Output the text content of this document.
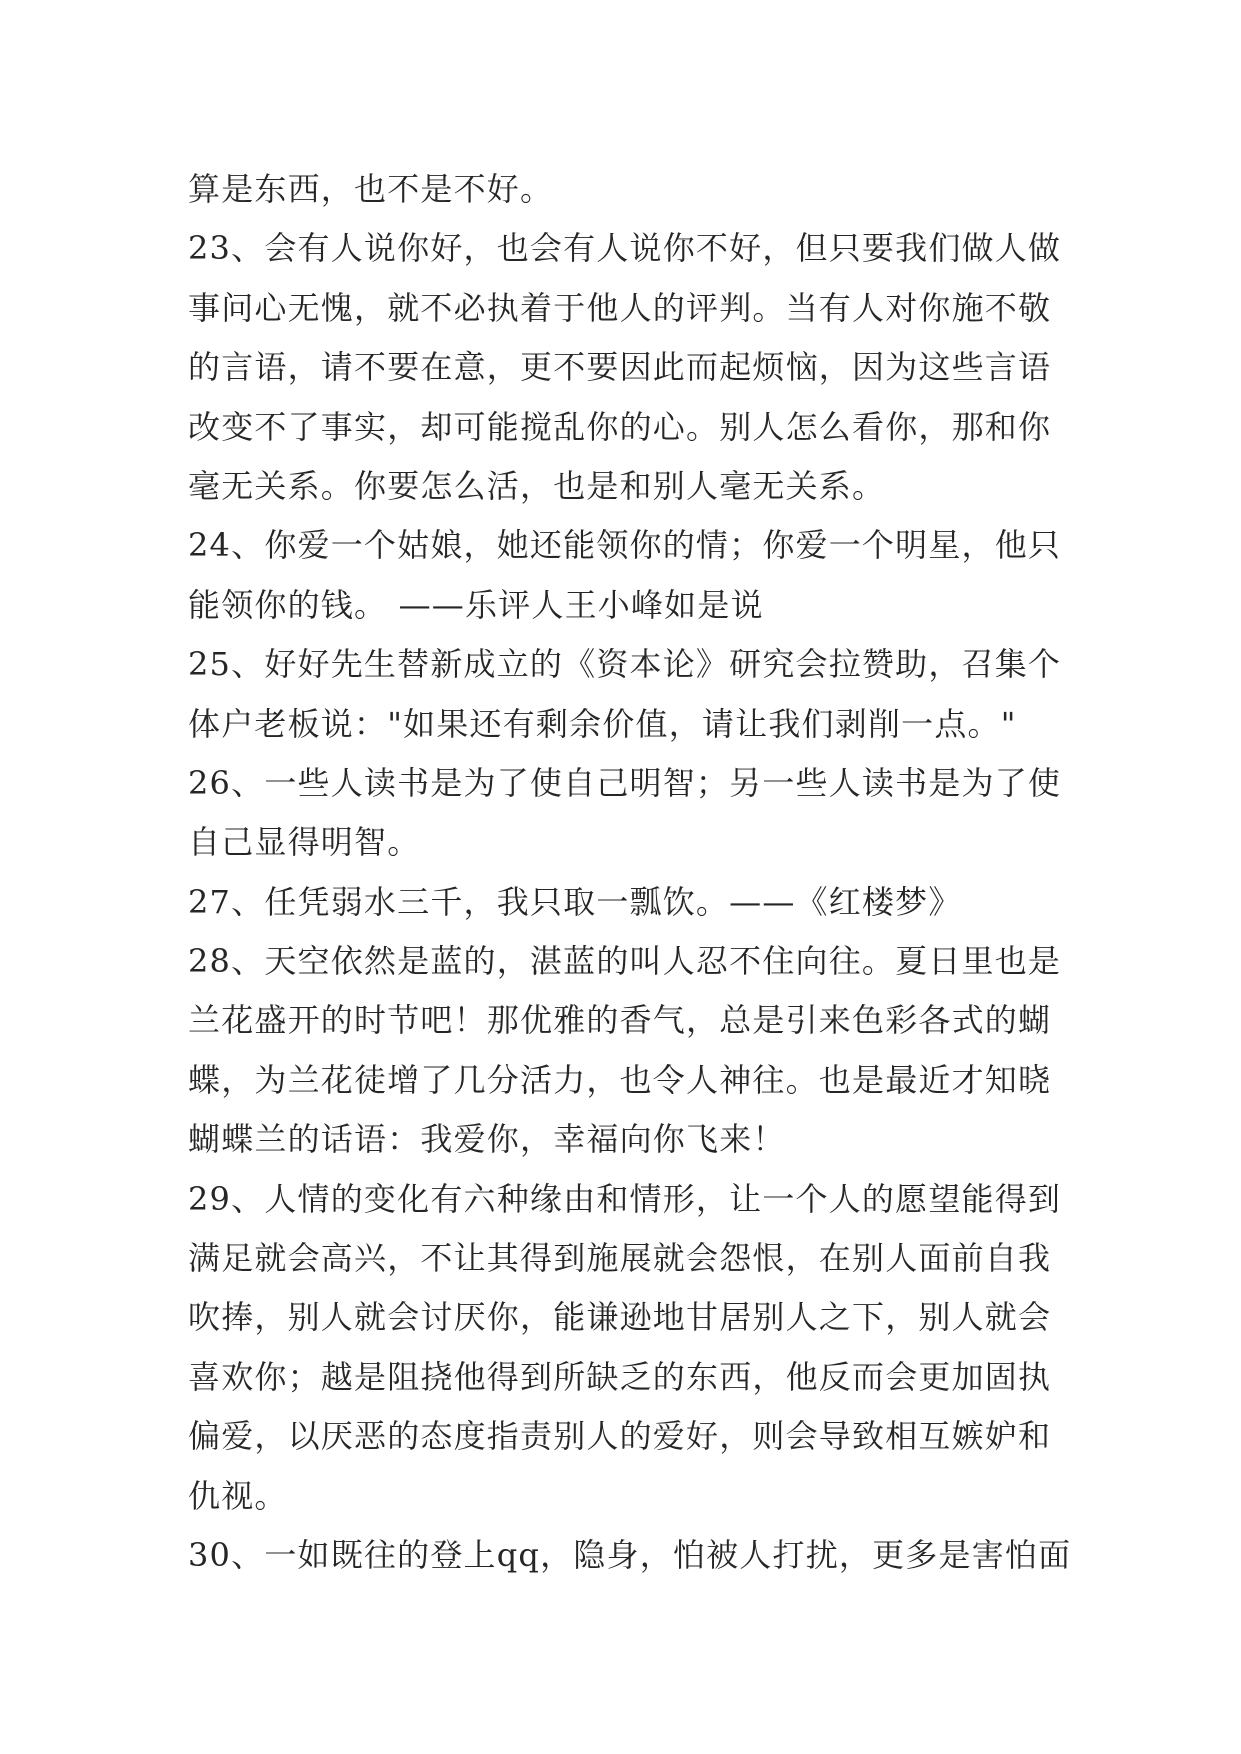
算是东西，也不是不好。
23、会有人说你好，也会有人说你不好，但只要我们做人做
事问心无愧，就不必执着于他人的评判。当有人对你施不敬
的言语，请不要在意，更不要因此而起烦恼，因为这些言语
改变不了事实，却可能搅乱你的心。别人怎么看你，那和你
毫无关系。你要怎么活，也是和别人毫无关系。
24、你爱一个姑娘，她还能领你的情；你爱一个明星，他只
能领你的钱。 ——乐评人王小峰如是说
25、好好先生替新成立的《资本论》研究会拉赞助，召集个
体户老板说："如果还有剩余价值，请让我们剥削一点。"
26、一些人读书是为了使自己明智；另一些人读书是为了使
自己显得明智。
27、任凭弱水三千，我只取一瓢饮。——《红楼梦》
28、天空依然是蓝的，湛蓝的叫人忍不住向往。夏日里也是
兰花盛开的时节吧！那优雅的香气，总是引来色彩各式的蝴
蝶，为兰花徒增了几分活力，也令人神往。也是最近才知晓
蝴蝶兰的话语：我爱你，幸福向你飞来！
29、人情的变化有六种缘由和情形，让一个人的愿望能得到
满足就会高兴，不让其得到施展就会怨恨，在别人面前自我
吹捧，别人就会讨厌你，能谦逊地甘居别人之下，别人就会
喜欢你；越是阻挠他得到所缺乏的东西，他反而会更加固执
偏爱，以厌恶的态度指责别人的爱好，则会导致相互嫉妒和
仇视。
30、一如既往的登上qq，隐身，怕被人打扰，更多是害怕面
